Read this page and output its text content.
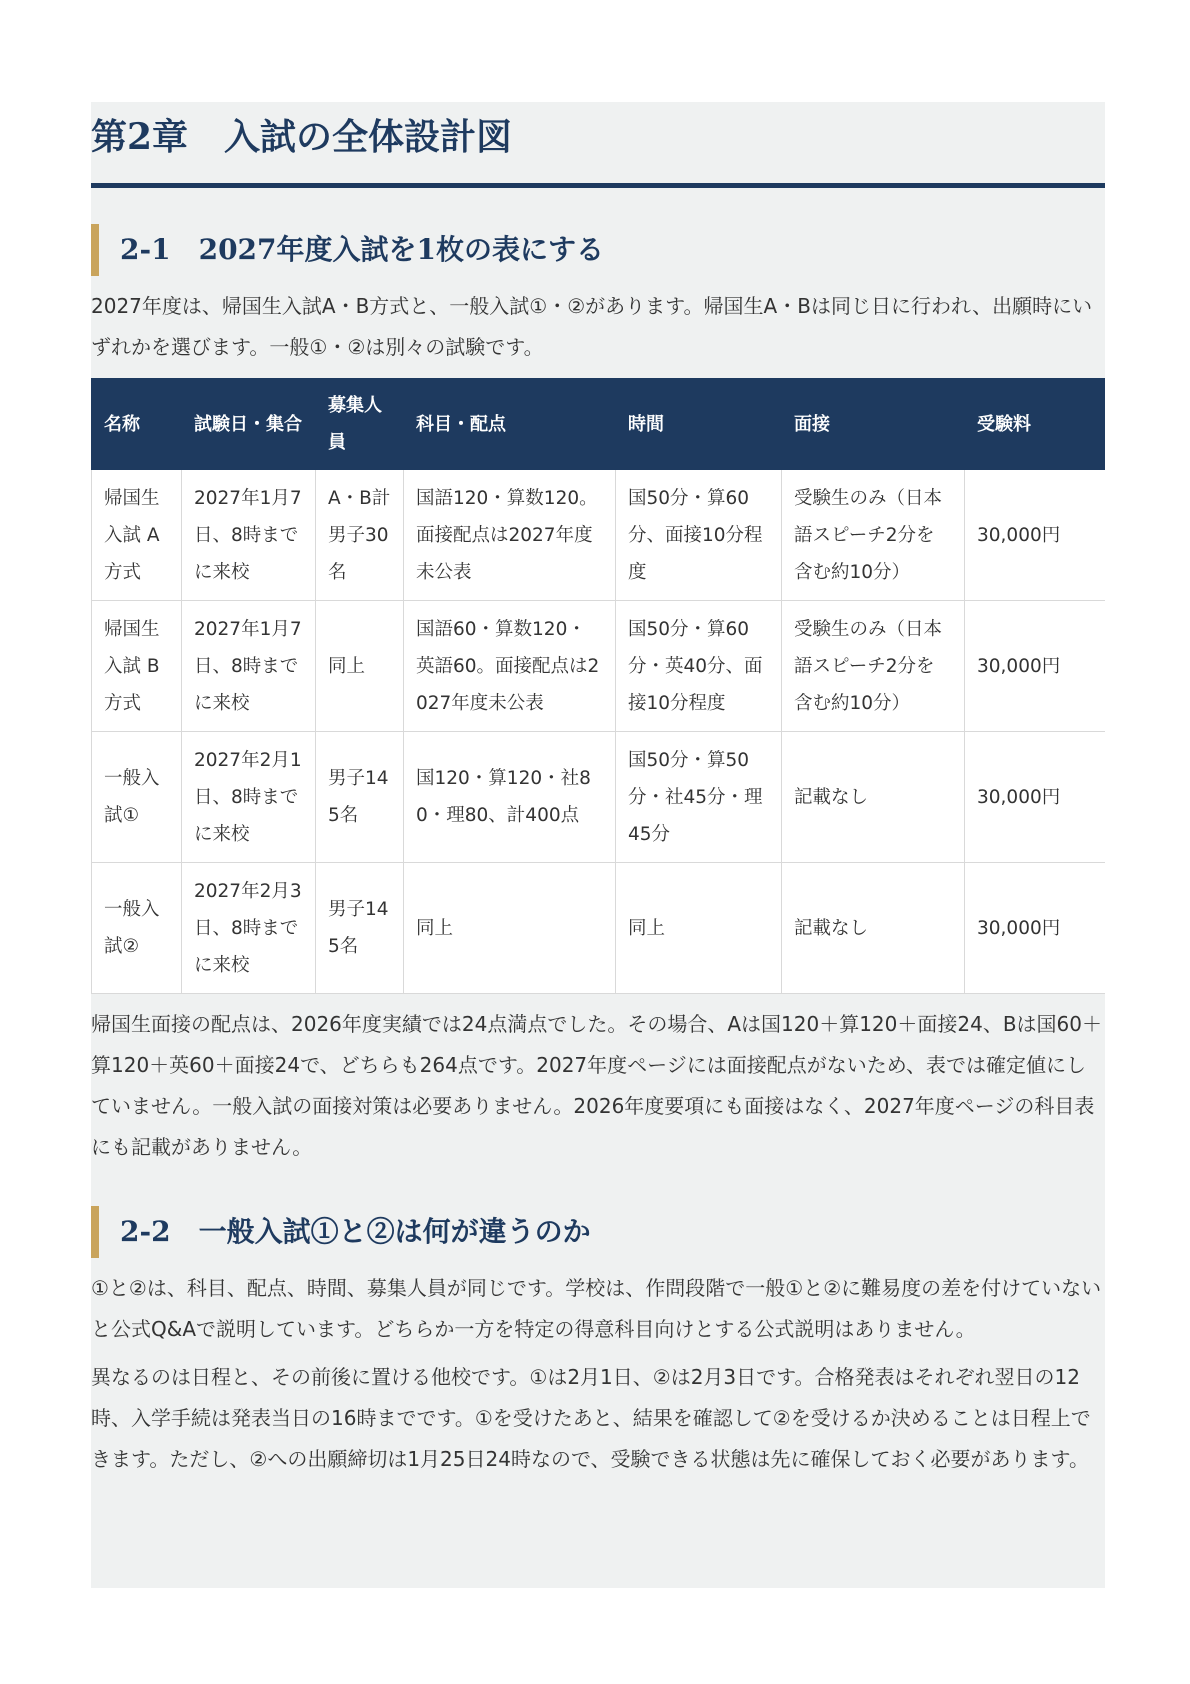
第2章　入試の全体設計図
2-1　2027年度入試を1枚の表にする

2027年度は、帰国生入試A・B方式と、一般入試①・②があります。帰国生A・Bは同じ日に行われ、出願時にいずれかを選びます。一般①・②は別々の試験です。

名称	試験日・集合	募集人員	科目・配点	時間	面接	受験料
帰国生入試 A 方式	2027年1月7日、8時までに来校	A・B計男子30名	国語120・算数120。面接配点は2027年度未公表	国50分・算60分、面接10分程度	受験生のみ（日本語スピーチ2分を含む約10分）	30,000円
帰国生入試 B 方式	2027年1月7日、8時までに来校	同上	国語60・算数120・英語60。面接配点は2027年度未公表	国50分・算60分・英40分、面接10分程度	受験生のみ（日本語スピーチ2分を含む約10分）	30,000円
一般入試①	2027年2月1日、8時までに来校	男子145名	国120・算120・社80・理80、計400点	国50分・算50分・社45分・理45分	記載なし	30,000円
一般入試②	2027年2月3日、8時までに来校	男子145名	同上	同上	記載なし	30,000円

帰国生面接の配点は、2026年度実績では24点満点でした。その場合、Aは国120＋算120＋面接24、Bは国60＋算120＋英60＋面接24で、どちらも264点です。2027年度ページには面接配点がないため、表では確定値にしていません。一般入試の面接対策は必要ありません。2026年度要項にも面接はなく、2027年度ページの科目表にも記載がありません。

2-2　一般入試①と②は何が違うのか

①と②は、科目、配点、時間、募集人員が同じです。学校は、作問段階で一般①と②に難易度の差を付けていないと公式Q&Aで説明しています。どちらか一方を特定の得意科目向けとする公式説明はありません。

異なるのは日程と、その前後に置ける他校です。①は2月1日、②は2月3日です。合格発表はそれぞれ翌日の12時、入学手続は発表当日の16時までです。①を受けたあと、結果を確認して②を受けるか決めることは日程上できます。ただし、②への出願締切は1月25日24時なので、受験できる状態は先に確保しておく必要があります。
